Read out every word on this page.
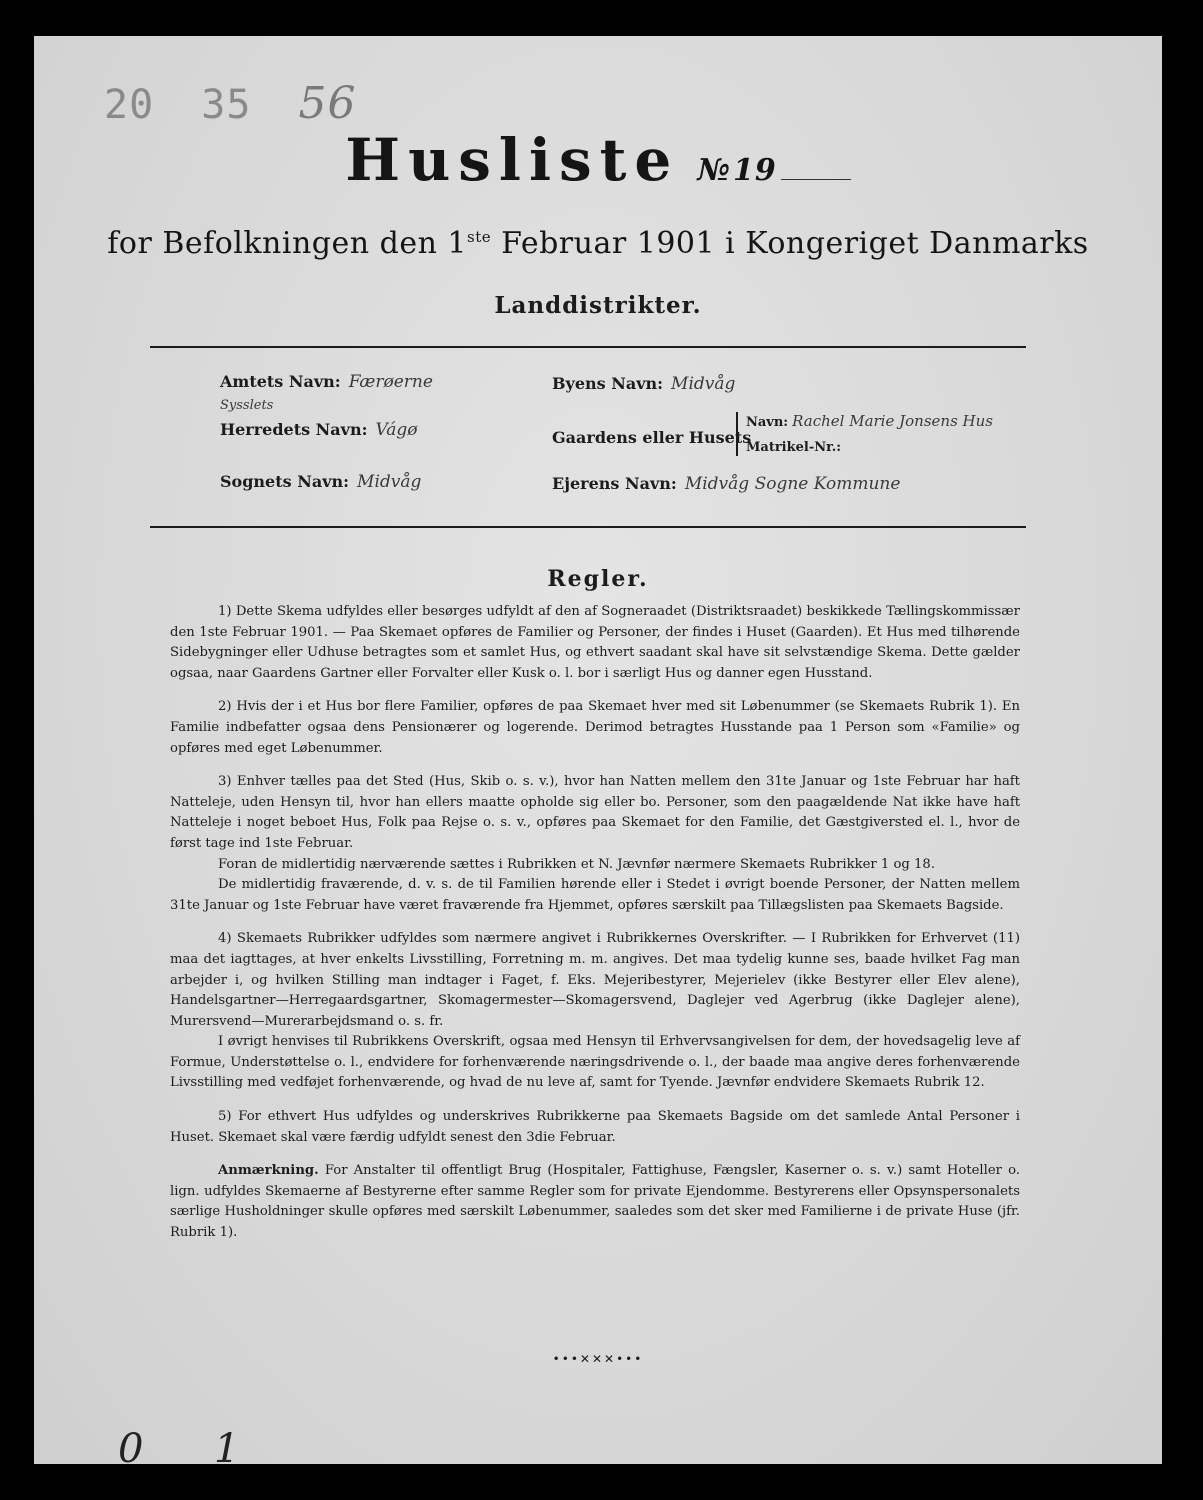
20 35 56
Husliste №19
for Befolkningen den 1ste Februar 1901 i Kongeriget Danmarks
Landdistrikter.
Amtets Navn: Færøerne
Sysslets
Herredets Navn: Vágø
Sognets Navn: Midvåg
Byens Navn: Midvåg
Gaardens eller Husets
Navn: Rachel Marie Jonsens Hus
Matrikel-Nr.:
Ejerens Navn: Midvåg Sogne Kommune
Regler.

1) Dette Skema udfyldes eller besørges udfyldt af den af Sogneraadet (Distriktsraadet) beskikkede Tællingskommissær den 1ste Februar 1901. — Paa Skemaet opføres de Familier og Personer, der findes i Huset (Gaarden). Et Hus med tilhørende Sidebygninger eller Udhuse betragtes som et samlet Hus, og ethvert saadant skal have sit selvstændige Skema. Dette gælder ogsaa, naar Gaardens Gartner eller Forvalter eller Kusk o. l. bor i særligt Hus og danner egen Husstand.

2) Hvis der i et Hus bor flere Familier, opføres de paa Skemaet hver med sit Løbenummer (se Skemaets Rubrik 1). En Familie indbefatter ogsaa dens Pensionærer og logerende. Derimod betragtes Husstande paa 1 Person som «Familie» og opføres med eget Løbenummer.

3) Enhver tælles paa det Sted (Hus, Skib o. s. v.), hvor han Natten mellem den 31te Januar og 1ste Februar har haft Natteleje, uden Hensyn til, hvor han ellers maatte opholde sig eller bo. Personer, som den paagældende Nat ikke have haft Natteleje i noget beboet Hus, Folk paa Rejse o. s. v., opføres paa Skemaet for den Familie, det Gæstgiversted el. l., hvor de først tage ind 1ste Februar.

Foran de midlertidig nærværende sættes i Rubrikken et N. Jævnfør nærmere Skemaets Rubrikker 1 og 18.

De midlertidig fraværende, d. v. s. de til Familien hørende eller i Stedet i øvrigt boende Personer, der Natten mellem 31te Januar og 1ste Februar have været fraværende fra Hjemmet, opføres særskilt paa Tillægslisten paa Skemaets Bagside.

4) Skemaets Rubrikker udfyldes som nærmere angivet i Rubrikkernes Overskrifter. — I Rubrikken for Erhvervet (11) maa det iagttages, at hver enkelts Livsstilling, Forretning m. m. angives. Det maa tydelig kunne ses, baade hvilket Fag man arbejder i, og hvilken Stilling man indtager i Faget, f. Eks. Mejeribestyrer, Mejerielev (ikke Bestyrer eller Elev alene), Handelsgartner—Herregaardsgartner, Skomagermester—Skomagersvend, Daglejer ved Agerbrug (ikke Daglejer alene), Murersvend—Murerarbejdsmand o. s. fr.

I øvrigt henvises til Rubrikkens Overskrift, ogsaa med Hensyn til Erhvervsangivelsen for dem, der hovedsagelig leve af Formue, Understøttelse o. l., endvidere for forhenværende næringsdrivende o. l., der baade maa angive deres forhenværende Livsstilling med vedføjet forhenværende, og hvad de nu leve af, samt for Tyende. Jævnfør endvidere Skemaets Rubrik 12.

5) For ethvert Hus udfyldes og underskrives Rubrikkerne paa Skemaets Bagside om det samlede Antal Personer i Huset. Skemaet skal være færdig udfyldt senest den 3die Februar.

Anmærkning. For Anstalter til offentligt Brug (Hospitaler, Fattighuse, Fængsler, Kaserner o. s. v.) samt Hoteller o. lign. udfyldes Skemaerne af Bestyrerne efter samme Regler som for private Ejendomme. Bestyrerens eller Opsynspersonalets særlige Husholdninger skulle opføres med særskilt Løbenummer, saaledes som det sker med Familierne i de private Huse (jfr. Rubrik 1).

•••✕✕✕•••
0 1
